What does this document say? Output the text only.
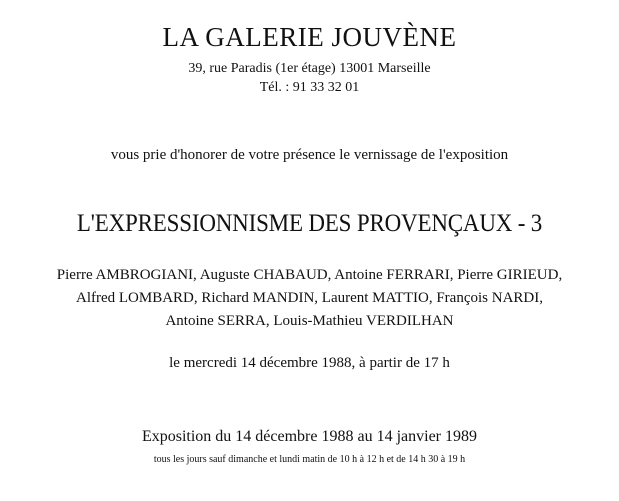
LA GALERIE JOUVÈNE
39, rue Paradis (1er étage) 13001 Marseille
Tél. : 91 33 32 01
vous prie d'honorer de votre présence le vernissage de l'exposition
L'EXPRESSIONNISME DES PROVENÇAUX - 3
Pierre AMBROGIANI, Auguste CHABAUD, Antoine FERRARI, Pierre GIRIEUD,
Alfred LOMBARD, Richard MANDIN, Laurent MATTIO, François NARDI,
Antoine SERRA, Louis-Mathieu VERDILHAN
le mercredi 14 décembre 1988, à partir de 17 h
Exposition du 14 décembre 1988 au 14 janvier 1989
tous les jours sauf dimanche et lundi matin de 10 h à 12 h et de 14 h 30 à 19 h
